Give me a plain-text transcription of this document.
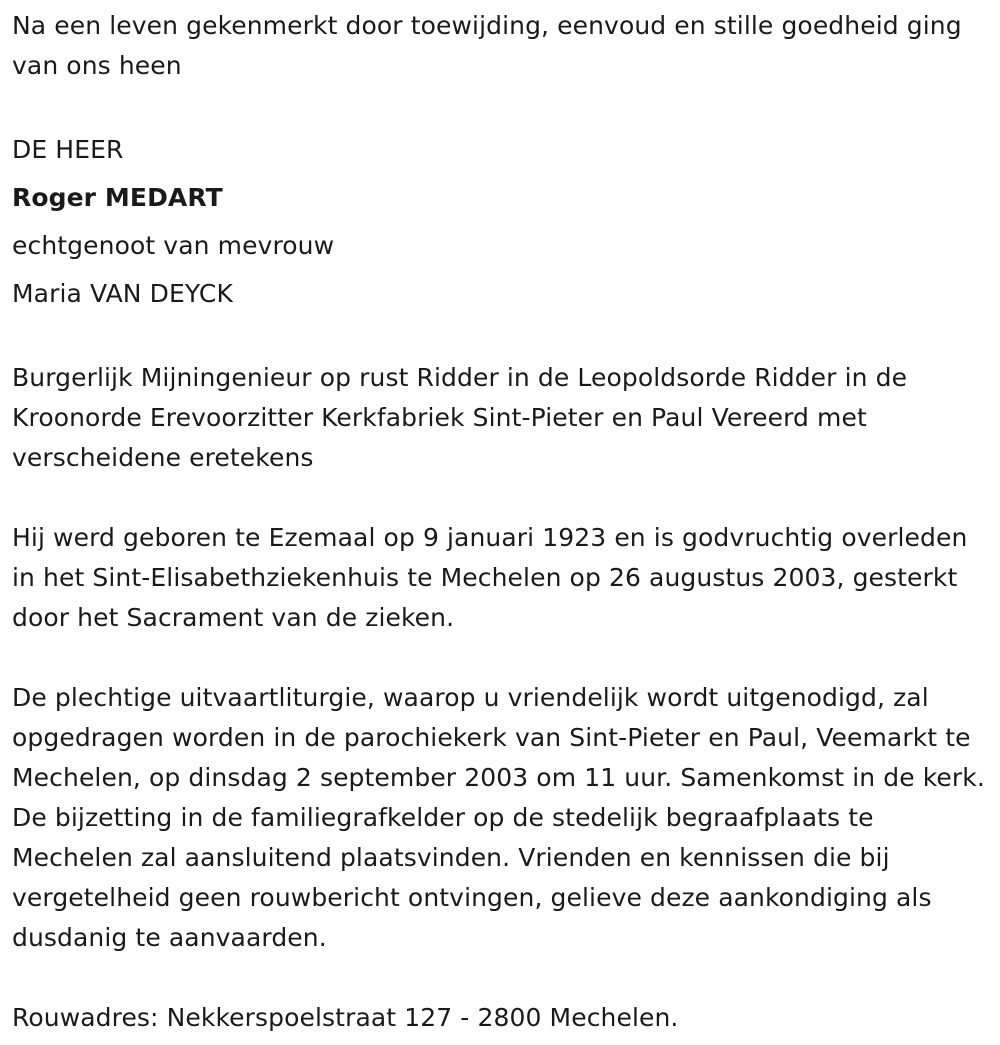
Na een leven gekenmerkt door toewijding, eenvoud en stille goedheid ging van ons heen

DE HEER

Roger MEDART

echtgenoot van mevrouw

Maria VAN DEYCK

Burgerlijk Mijningenieur op rust Ridder in de Leopoldsorde Ridder in de Kroonorde Erevoorzitter Kerkfabriek Sint-Pieter en Paul Vereerd met verscheidene eretekens

Hij werd geboren te Ezemaal op 9 januari 1923 en is godvruchtig overleden in het Sint-Elisabethziekenhuis te Mechelen op 26 augustus 2003, gesterkt door het Sacrament van de zieken.

De plechtige uitvaartliturgie, waarop u vriendelijk wordt uitgenodigd, zal opgedragen worden in de parochiekerk van Sint-Pieter en Paul, Veemarkt te Mechelen, op dinsdag 2 september 2003 om 11 uur. Samenkomst in de kerk. De bijzetting in de familiegrafkelder op de stedelijk begraafplaats te Mechelen zal aansluitend plaatsvinden. Vrienden en kennissen die bij vergetelheid geen rouwbericht ontvingen, gelieve deze aankondiging als dusdanig te aanvaarden.

Rouwadres: Nekkerspoelstraat 127 - 2800 Mechelen.
